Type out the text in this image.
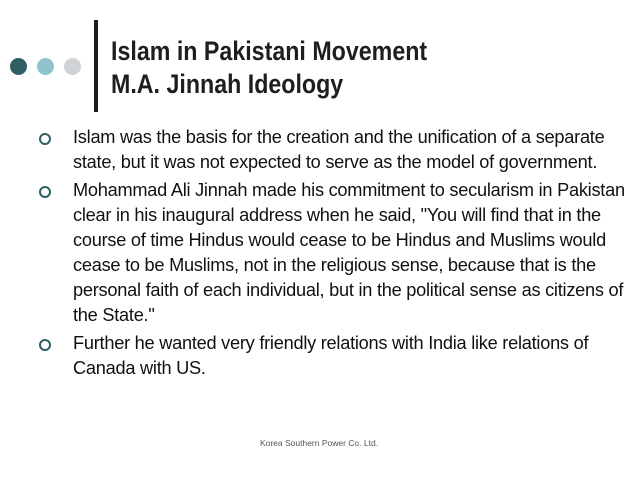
Islam in Pakistani Movement
M.A. Jinnah Ideology
Islam was the basis for the creation and the unification of a separate state, but it was not expected to serve as the model of government.
Mohammad Ali Jinnah made his commitment to secularism in Pakistan clear in his inaugural address when he said, "You will find that in the course of time Hindus would cease to be Hindus and Muslims would cease to be Muslims, not in the religious sense, because that is the personal faith of each individual, but in the political sense as citizens of the State."
Further he wanted very friendly relations with India like relations of Canada with US.
Korea Southern Power Co. Ltd.
